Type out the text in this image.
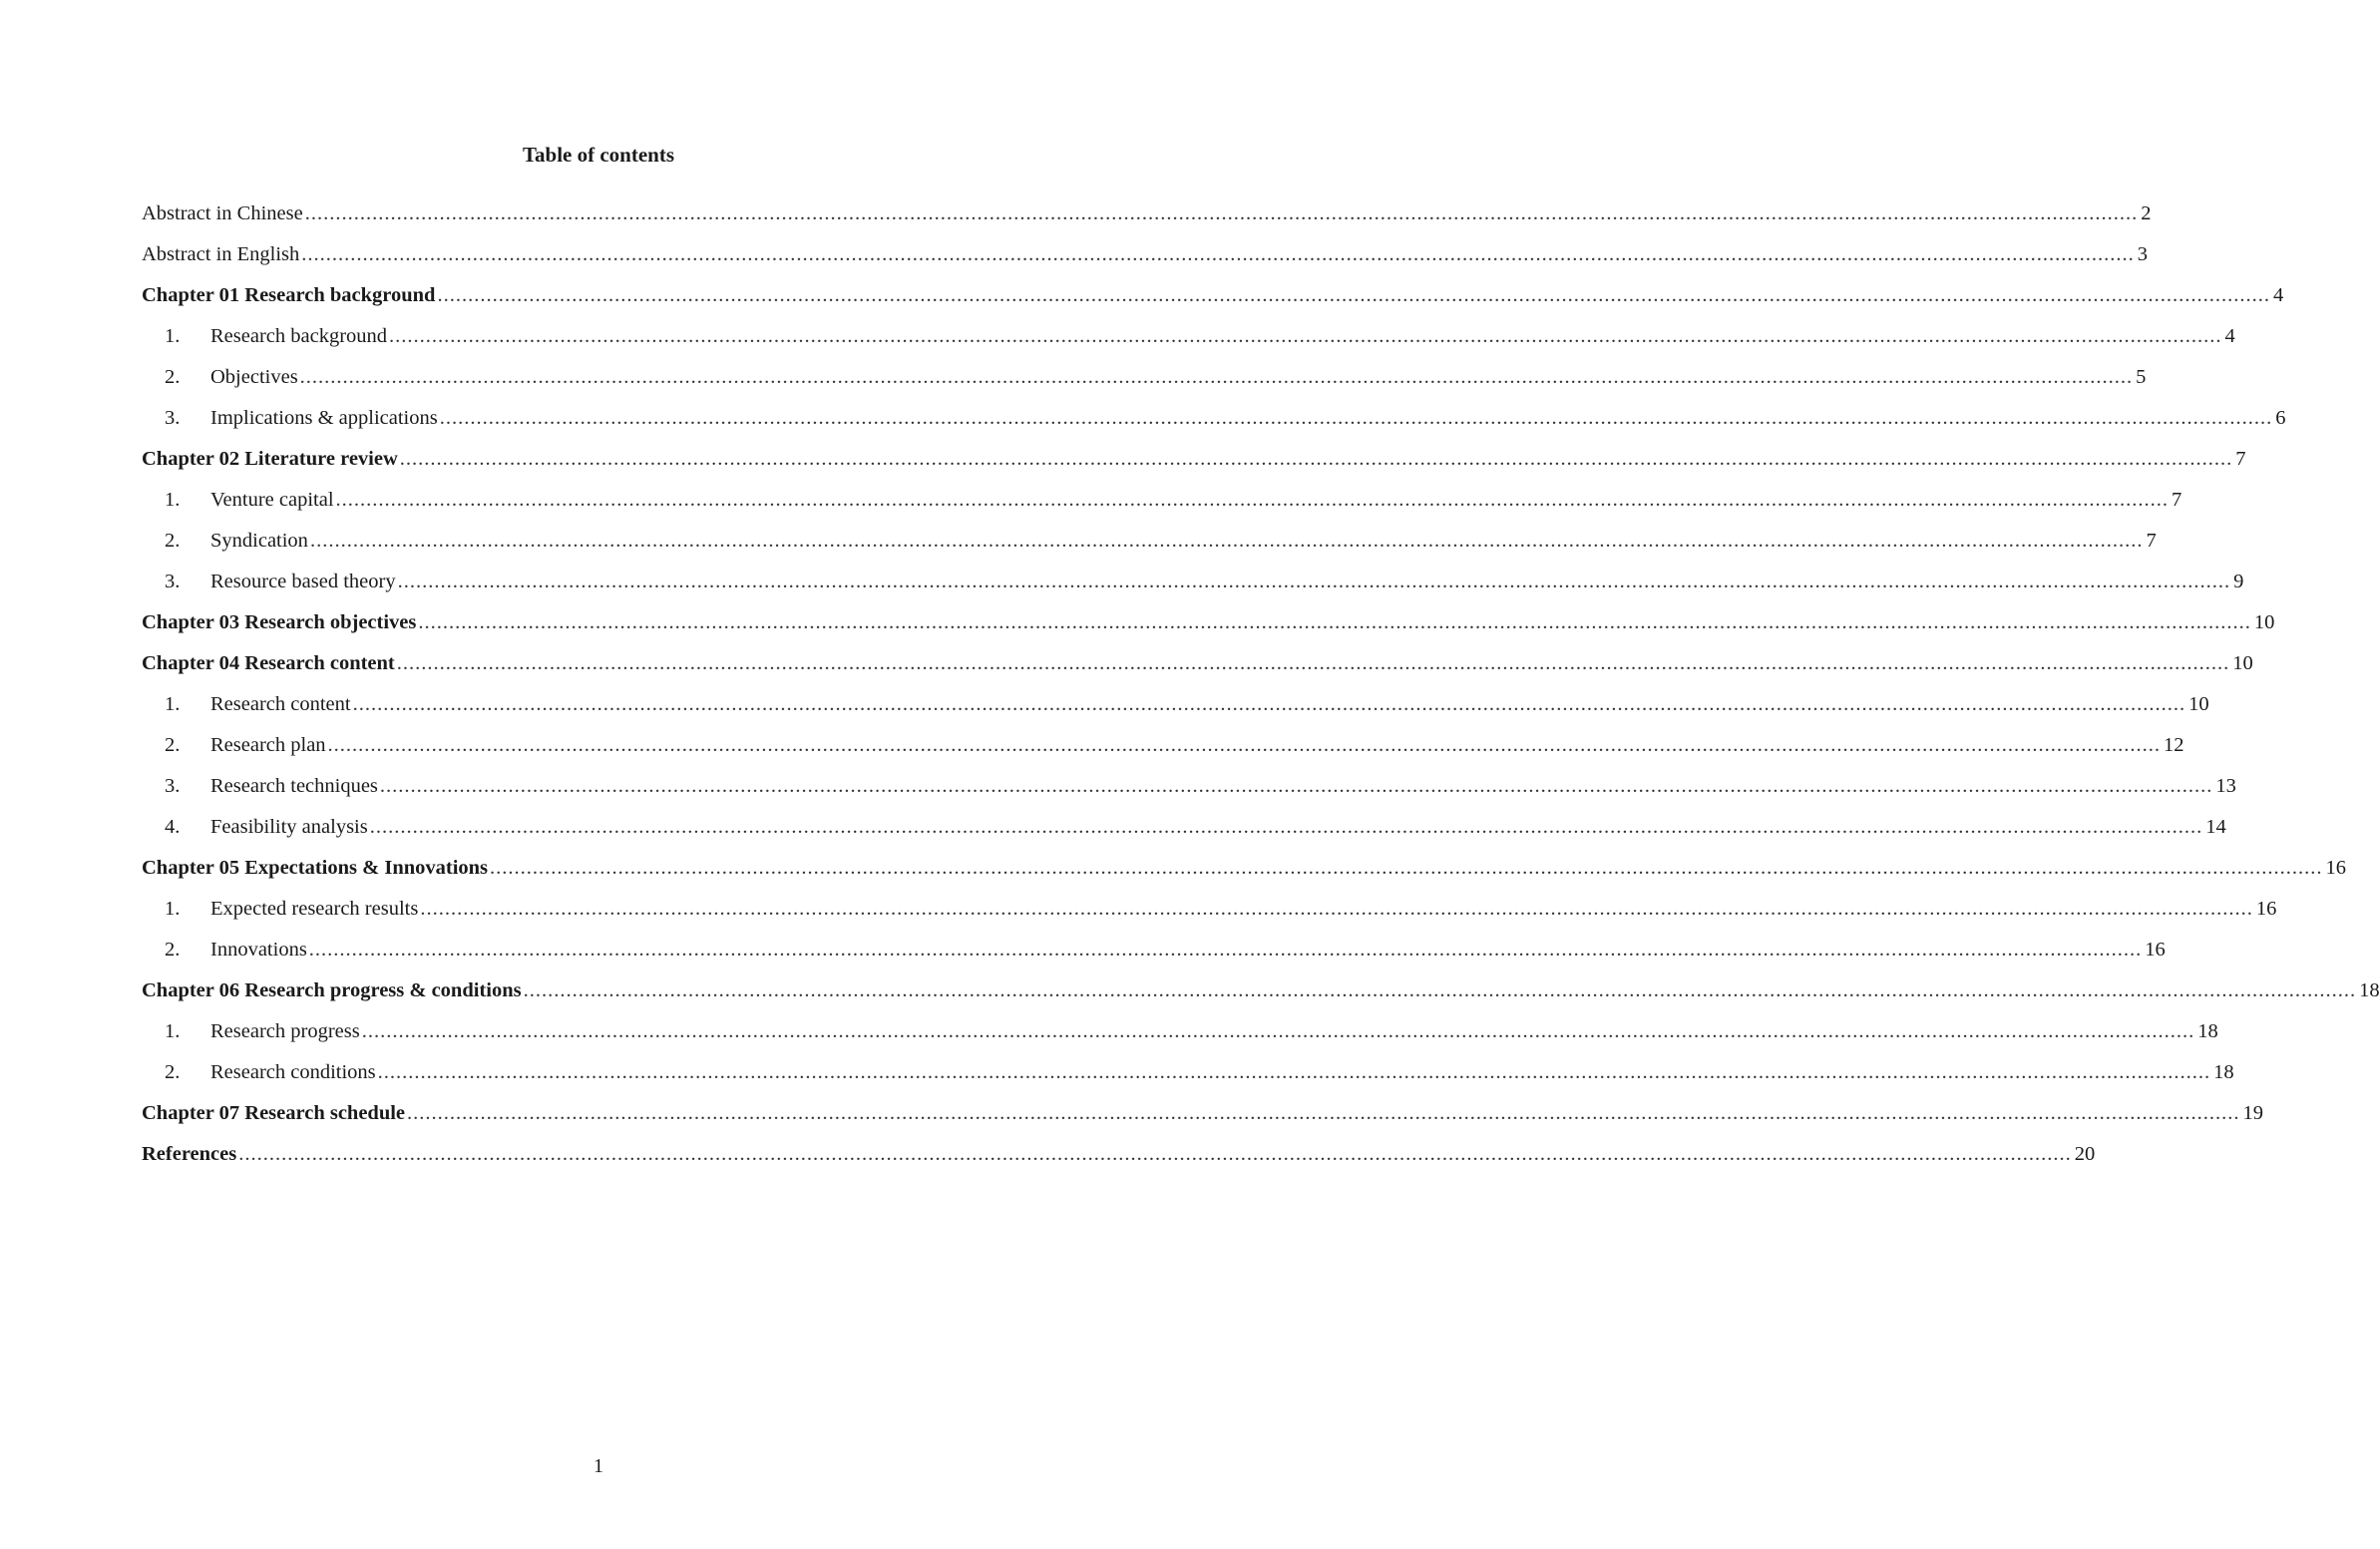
Table of contents
Abstract in Chinese ............................................................................................................................................................................................................................................................................................................ 2
Abstract in English ............................................................................................................................................................................................................................................................................................................ 3
Chapter 01 Research background ............................................................................................................................................................................................................................................................................................................ 4
1.	Research background ............................................................................................................................................................................................................................................................................................................ 4
2.	Objectives ............................................................................................................................................................................................................................................................................................................ 5
3.	Implications & applications ............................................................................................................................................................................................................................................................................................................ 6
Chapter 02 Literature review ............................................................................................................................................................................................................................................................................................................ 7
1.	Venture capital ............................................................................................................................................................................................................................................................................................................ 7
2.	Syndication ............................................................................................................................................................................................................................................................................................................ 7
3.	Resource based theory ............................................................................................................................................................................................................................................................................................................ 9
Chapter 03 Research objectives ............................................................................................................................................................................................................................................................................................................ 10
Chapter 04 Research content ............................................................................................................................................................................................................................................................................................................ 10
1.	Research content ............................................................................................................................................................................................................................................................................................................ 10
2.	Research plan ............................................................................................................................................................................................................................................................................................................ 12
3.	Research techniques ............................................................................................................................................................................................................................................................................................................ 13
4.	Feasibility analysis ............................................................................................................................................................................................................................................................................................................ 14
Chapter 05 Expectations & Innovations ............................................................................................................................................................................................................................................................................................................ 16
1.	Expected research results ............................................................................................................................................................................................................................................................................................................ 16
2.	Innovations ............................................................................................................................................................................................................................................................................................................ 16
Chapter 06 Research progress & conditions ............................................................................................................................................................................................................................................................................................................ 18
1.	Research progress ............................................................................................................................................................................................................................................................................................................ 18
2.	Research conditions ............................................................................................................................................................................................................................................................................................................ 18
Chapter 07 Research schedule ............................................................................................................................................................................................................................................................................................................ 19
References ............................................................................................................................................................................................................................................................................................................ 20
1
